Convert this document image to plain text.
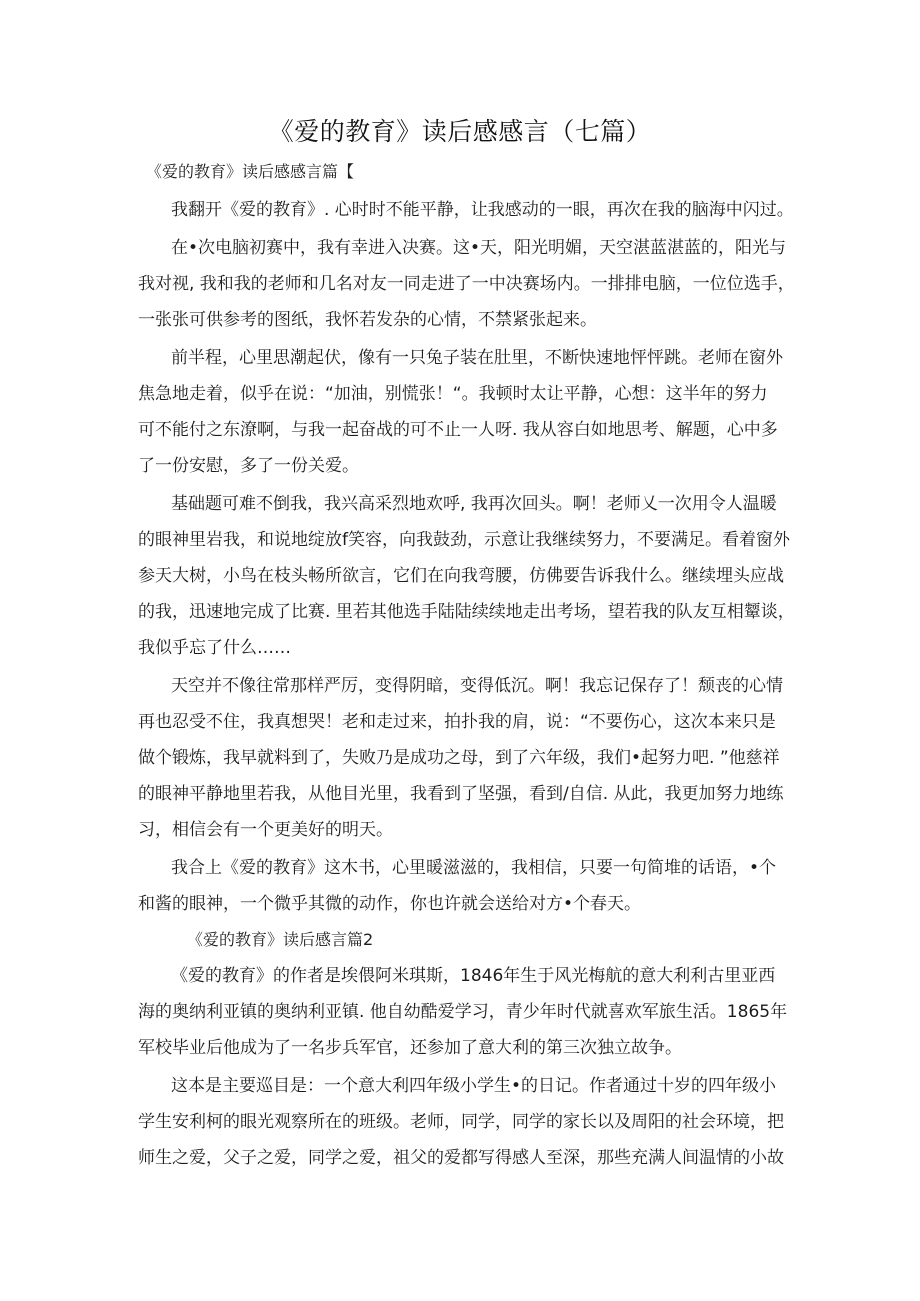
《爱的教育》读后感感言（七篇）
《爱的教育》读后感感言篇【
我翻开《爱的教育》. 心时时不能平静，让我感动的一眼，再次在我的脑海中闪过。
在•次电脑初赛中，我有幸进入决赛。这•天，阳光明媚，天空湛蓝湛蓝的，阳光与
我对视, 我和我的老师和几名对友一同走进了一中决赛场内。一排排电脑，一位位选手，
一张张可供参考的图纸，我怀若发杂的心情，不禁紧张起来。
前半程，心里思潮起伏，像有一只兔子装在肚里，不断快速地怦怦跳。老师在窗外
焦急地走着，似乎在说：“加油，别慌张！“。我顿时太让平静，心想：这半年的努力
可不能付之东潦啊，与我一起奋战的可不止一人呀. 我从容白如地思考、解题，心中多
了一份安慰，多了一份关爱。
基础题可难不倒我，我兴高采烈地欢呼, 我再次回头。啊！老师乂一次用令人温暖
的眼神里岩我，和说地绽放f笑容，向我鼓劲，示意让我继续努力，不要满足。看着窗外
参天大树，小鸟在枝头畅所欲言，它们在向我弯腰，仿佛要告诉我什么。继续埋头应战
的我，迅速地完成了比赛. 里若其他选手陆陆续续地走出考场，望若我的队友互相颦谈，
我似乎忘了什么……
天空并不像往常那样严厉，变得阴暗，变得低沉。啊！我忘记保存了！颓丧的心情
再也忍受不住，我真想哭！老和走过来，拍扑我的肩，说：“不要伤心，这次本来只是
做个锻炼，我早就料到了，失败乃是成功之母，到了六年级，我们•起努力吧. ”他慈祥
的眼神平静地里若我，从他目光里，我看到了坚强，看到/自信. 从此，我更加努力地练
习，相信会有一个更美好的明天。
我合上《爱的教育》这木书，心里暖滋滋的，我相信，只要一句简堆的话语，•个
和酱的眼神，一个微乎其微的动作，你也许就会送给对方•个春天。
《爱的教育》读后感言篇2
《爱的教育》的作者是埃偎阿米琪斯，1846年生于风光梅航的意大利利古里亚西
海的奥纳利亚镇的奥纳利亚镇. 他自幼酷爱学习，青少年时代就喜欢军旅生活。1865年
军校毕业后他成为了一名步兵军官，还参加了意大利的第三次独立故争。
这本是主要巡目是：一个意大利四年级小学生•的日记。作者通过十岁的四年级小
学生安利柯的眼光观察所在的班级。老师，同学，同学的家长以及周阳的社会环境，把
师生之爱，父子之爱，同学之爱，祖父的爱都写得感人至深，那些充满人间温情的小故
